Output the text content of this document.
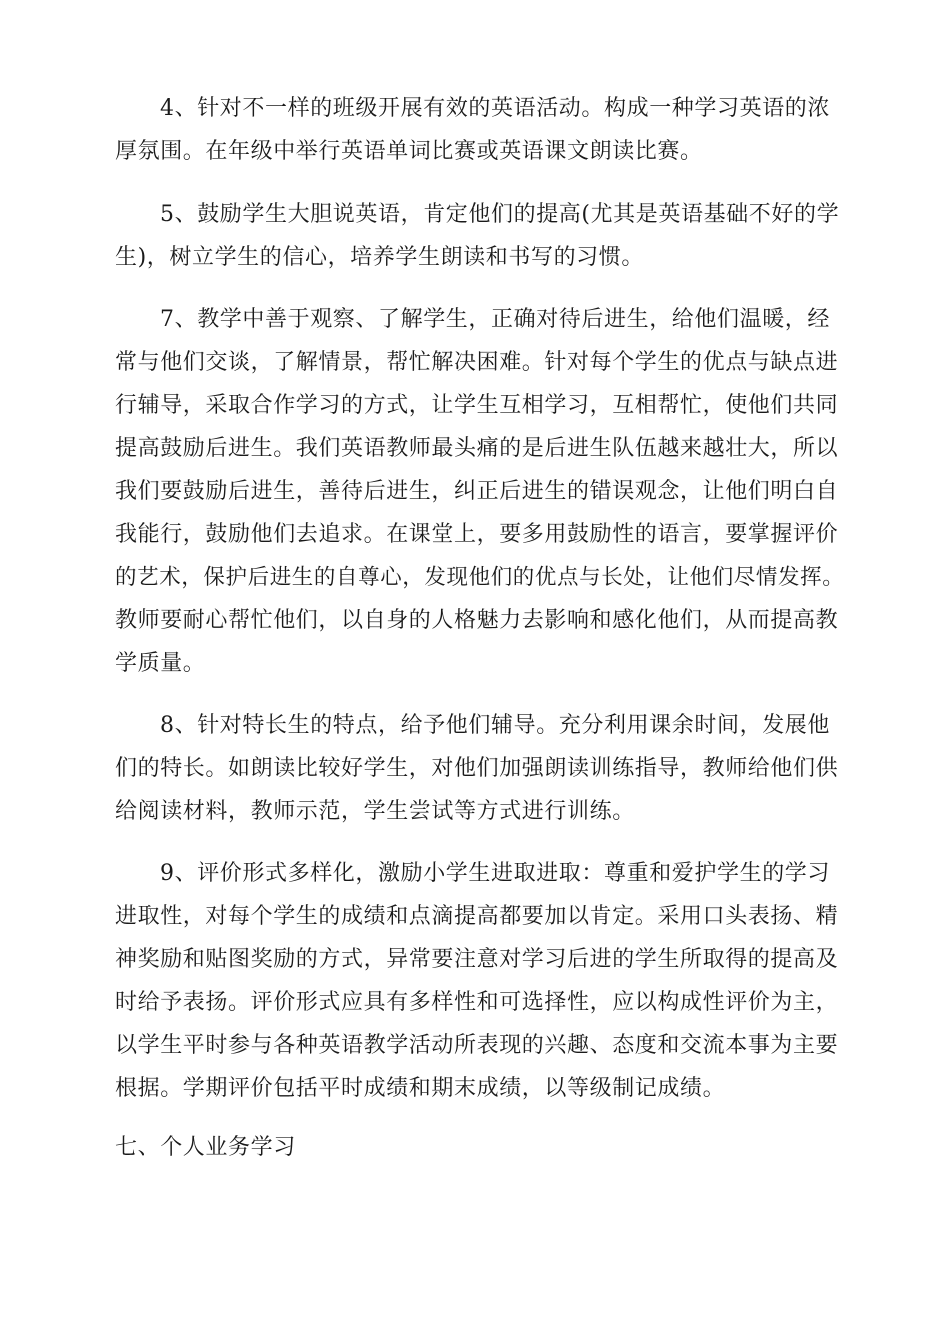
4、针对不一样的班级开展有效的英语活动。构成一种学习英语的浓
厚氛围。在年级中举行英语单词比赛或英语课文朗读比赛。
5、鼓励学生大胆说英语，肯定他们的提高(尤其是英语基础不好的学
生)，树立学生的信心，培养学生朗读和书写的习惯。
7、教学中善于观察、了解学生，正确对待后进生，给他们温暖，经
常与他们交谈，了解情景，帮忙解决困难。针对每个学生的优点与缺点进
行辅导，采取合作学习的方式，让学生互相学习，互相帮忙，使他们共同
提高鼓励后进生。我们英语教师最头痛的是后进生队伍越来越壮大，所以
我们要鼓励后进生，善待后进生，纠正后进生的错误观念，让他们明白自
我能行，鼓励他们去追求。在课堂上，要多用鼓励性的语言，要掌握评价
的艺术，保护后进生的自尊心，发现他们的优点与长处，让他们尽情发挥。
教师要耐心帮忙他们，以自身的人格魅力去影响和感化他们，从而提高教
学质量。
8、针对特长生的特点，给予他们辅导。充分利用课余时间，发展他
们的特长。如朗读比较好学生，对他们加强朗读训练指导，教师给他们供
给阅读材料，教师示范，学生尝试等方式进行训练。
9、评价形式多样化，激励小学生进取进取：尊重和爱护学生的学习
进取性，对每个学生的成绩和点滴提高都要加以肯定。采用口头表扬、精
神奖励和贴图奖励的方式，异常要注意对学习后进的学生所取得的提高及
时给予表扬。评价形式应具有多样性和可选择性，应以构成性评价为主，
以学生平时参与各种英语教学活动所表现的兴趣、态度和交流本事为主要
根据。学期评价包括平时成绩和期末成绩，以等级制记成绩。
七、个人业务学习
